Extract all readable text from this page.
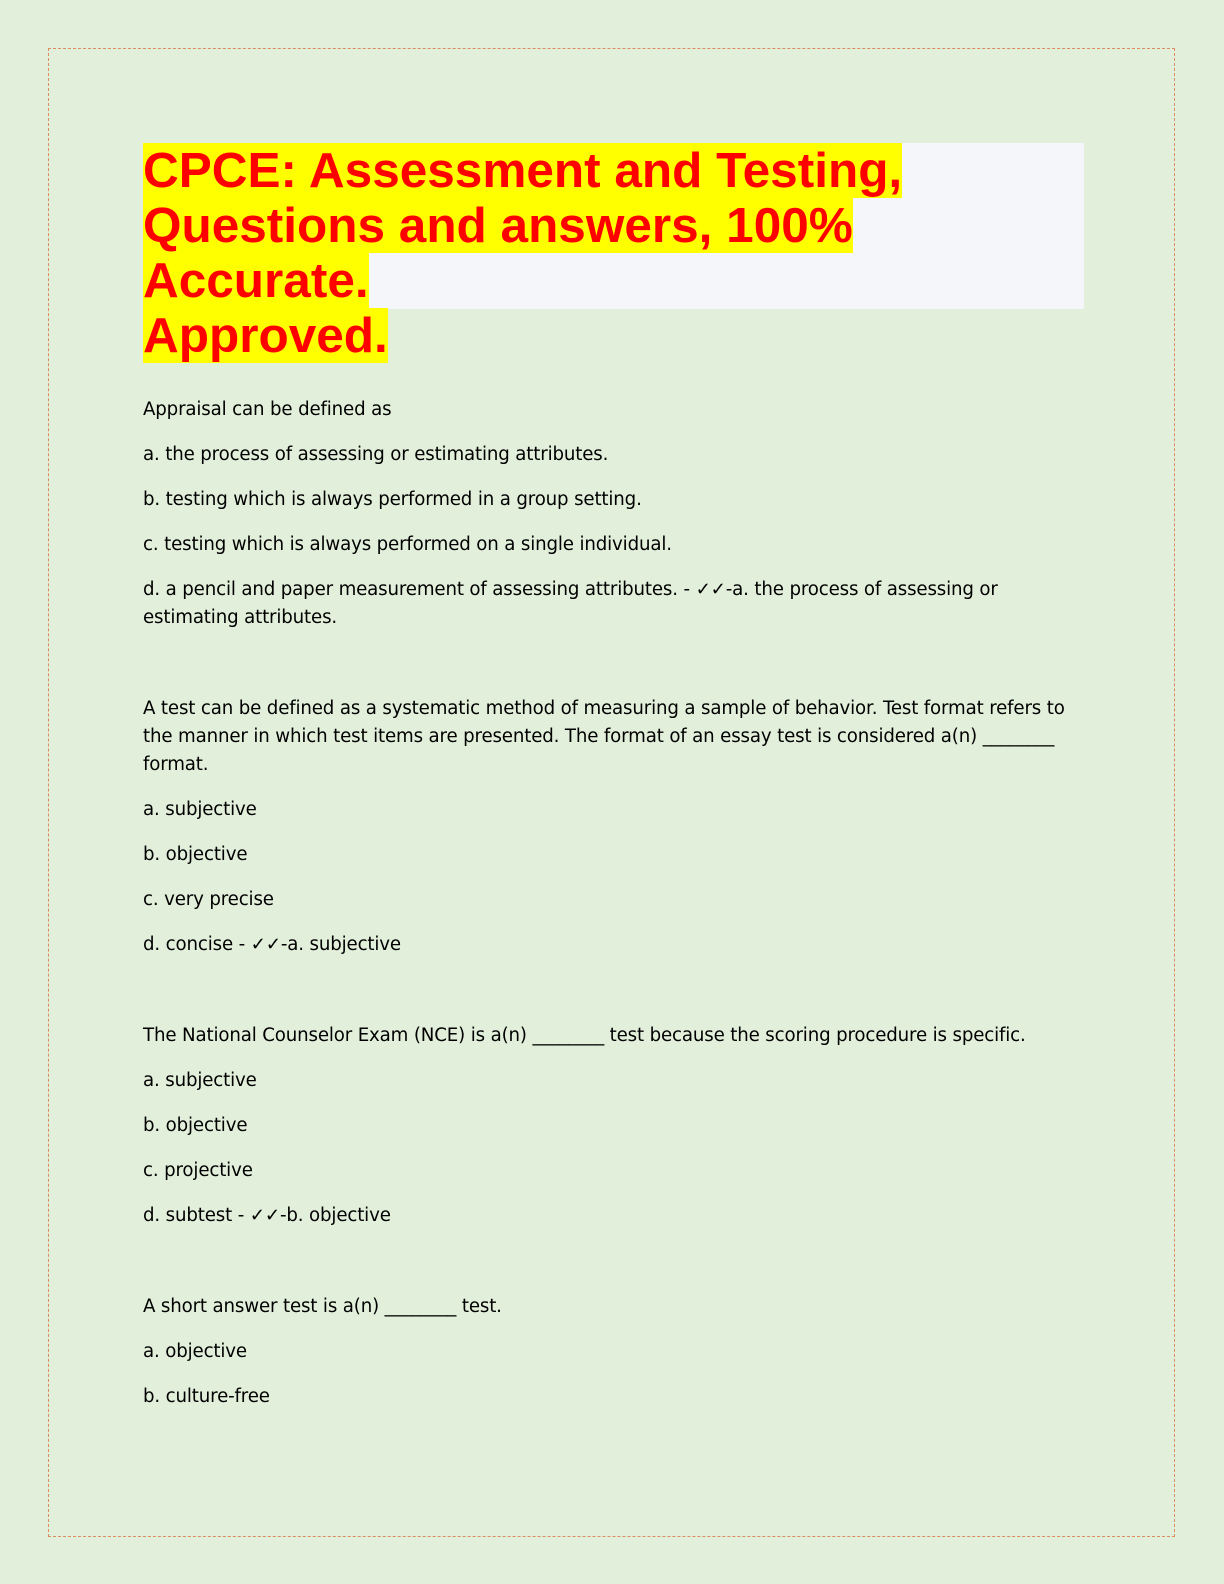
CPCE: Assessment and Testing,
Questions and answers, 100% Accurate.
Approved.

Appraisal can be defined as

a. the process of assessing or estimating attributes.

b. testing which is always performed in a group setting.

c. testing which is always performed on a single individual.

d. a pencil and paper measurement of assessing attributes. - ✓✓-a. the process of assessing or estimating attributes.

A test can be defined as a systematic method of measuring a sample of behavior. Test format refers to the manner in which test items are presented. The format of an essay test is considered a(n) ________ format.

a. subjective

b. objective

c. very precise

d. concise - ✓✓-a. subjective

The National Counselor Exam (NCE) is a(n) ________ test because the scoring procedure is specific.

a. subjective

b. objective

c. projective

d. subtest - ✓✓-b. objective

A short answer test is a(n) ________ test.

a. objective

b. culture-free
